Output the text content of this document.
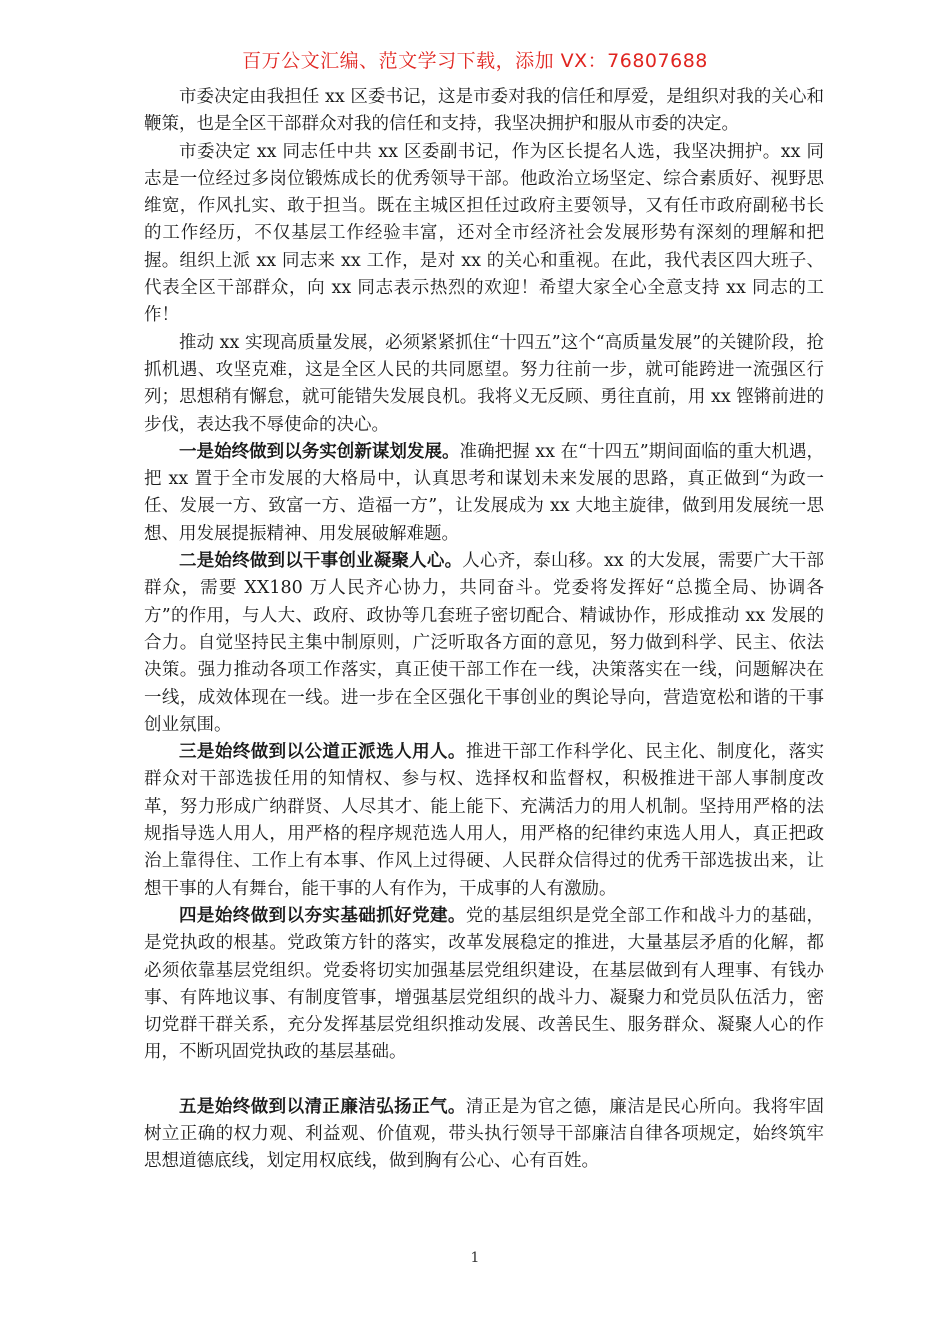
百万公文汇编、范文学习下载，添加 VX：76807688

市委决定由我担任 xx 区委书记，这是市委对我的信任和厚爱，是组织对我的关心和鞭策，也是全区干部群众对我的信任和支持，我坚决拥护和服从市委的决定。

市委决定 xx 同志任中共 xx 区委副书记，作为区长提名人选，我坚决拥护。xx 同志是一位经过多岗位锻炼成长的优秀领导干部。他政治立场坚定、综合素质好、视野思维宽，作风扎实、敢于担当。既在主城区担任过政府主要领导，又有任市政府副秘书长的工作经历，不仅基层工作经验丰富，还对全市经济社会发展形势有深刻的理解和把握。组织上派 xx 同志来 xx 工作，是对 xx 的关心和重视。在此，我代表区四大班子、代表全区干部群众，向 xx 同志表示热烈的欢迎！希望大家全心全意支持 xx 同志的工作！

推动 xx 实现高质量发展，必须紧紧抓住“十四五”这个“高质量发展”的关键阶段，抢抓机遇、攻坚克难，这是全区人民的共同愿望。努力往前一步，就可能跨进一流强区行列；思想稍有懈怠，就可能错失发展良机。我将义无反顾、勇往直前，用 xx 铿锵前进的步伐，表达我不辱使命的决心。

一是始终做到以务实创新谋划发展。准确把握 xx 在“十四五”期间面临的重大机遇，把 xx 置于全市发展的大格局中，认真思考和谋划未来发展的思路，真正做到“为政一任、发展一方、致富一方、造福一方”，让发展成为 xx 大地主旋律，做到用发展统一思想、用发展提振精神、用发展破解难题。

二是始终做到以干事创业凝聚人心。人心齐，泰山移。xx 的大发展，需要广大干部群众，需要 XX180 万人民齐心协力，共同奋斗。党委将发挥好“总揽全局、协调各方”的作用，与人大、政府、政协等几套班子密切配合、精诚协作，形成推动 xx 发展的合力。自觉坚持民主集中制原则，广泛听取各方面的意见，努力做到科学、民主、依法决策。强力推动各项工作落实，真正使干部工作在一线，决策落实在一线，问题解决在一线，成效体现在一线。进一步在全区强化干事创业的舆论导向，营造宽松和谐的干事创业氛围。

三是始终做到以公道正派选人用人。推进干部工作科学化、民主化、制度化，落实群众对干部选拔任用的知情权、参与权、选择权和监督权，积极推进干部人事制度改革，努力形成广纳群贤、人尽其才、能上能下、充满活力的用人机制。坚持用严格的法规指导选人用人，用严格的程序规范选人用人，用严格的纪律约束选人用人，真正把政治上靠得住、工作上有本事、作风上过得硬、人民群众信得过的优秀干部选拔出来，让想干事的人有舞台，能干事的人有作为，干成事的人有激励。

四是始终做到以夯实基础抓好党建。党的基层组织是党全部工作和战斗力的基础，是党执政的根基。党政策方针的落实，改革发展稳定的推进，大量基层矛盾的化解，都必须依靠基层党组织。党委将切实加强基层党组织建设，在基层做到有人理事、有钱办事、有阵地议事、有制度管事，增强基层党组织的战斗力、凝聚力和党员队伍活力，密切党群干群关系，充分发挥基层党组织推动发展、改善民生、服务群众、凝聚人心的作用，不断巩固党执政的基层基础。

五是始终做到以清正廉洁弘扬正气。清正是为官之德，廉洁是民心所向。我将牢固树立正确的权力观、利益观、价值观，带头执行领导干部廉洁自律各项规定，始终筑牢思想道德底线，划定用权底线，做到胸有公心、心有百姓。

1
